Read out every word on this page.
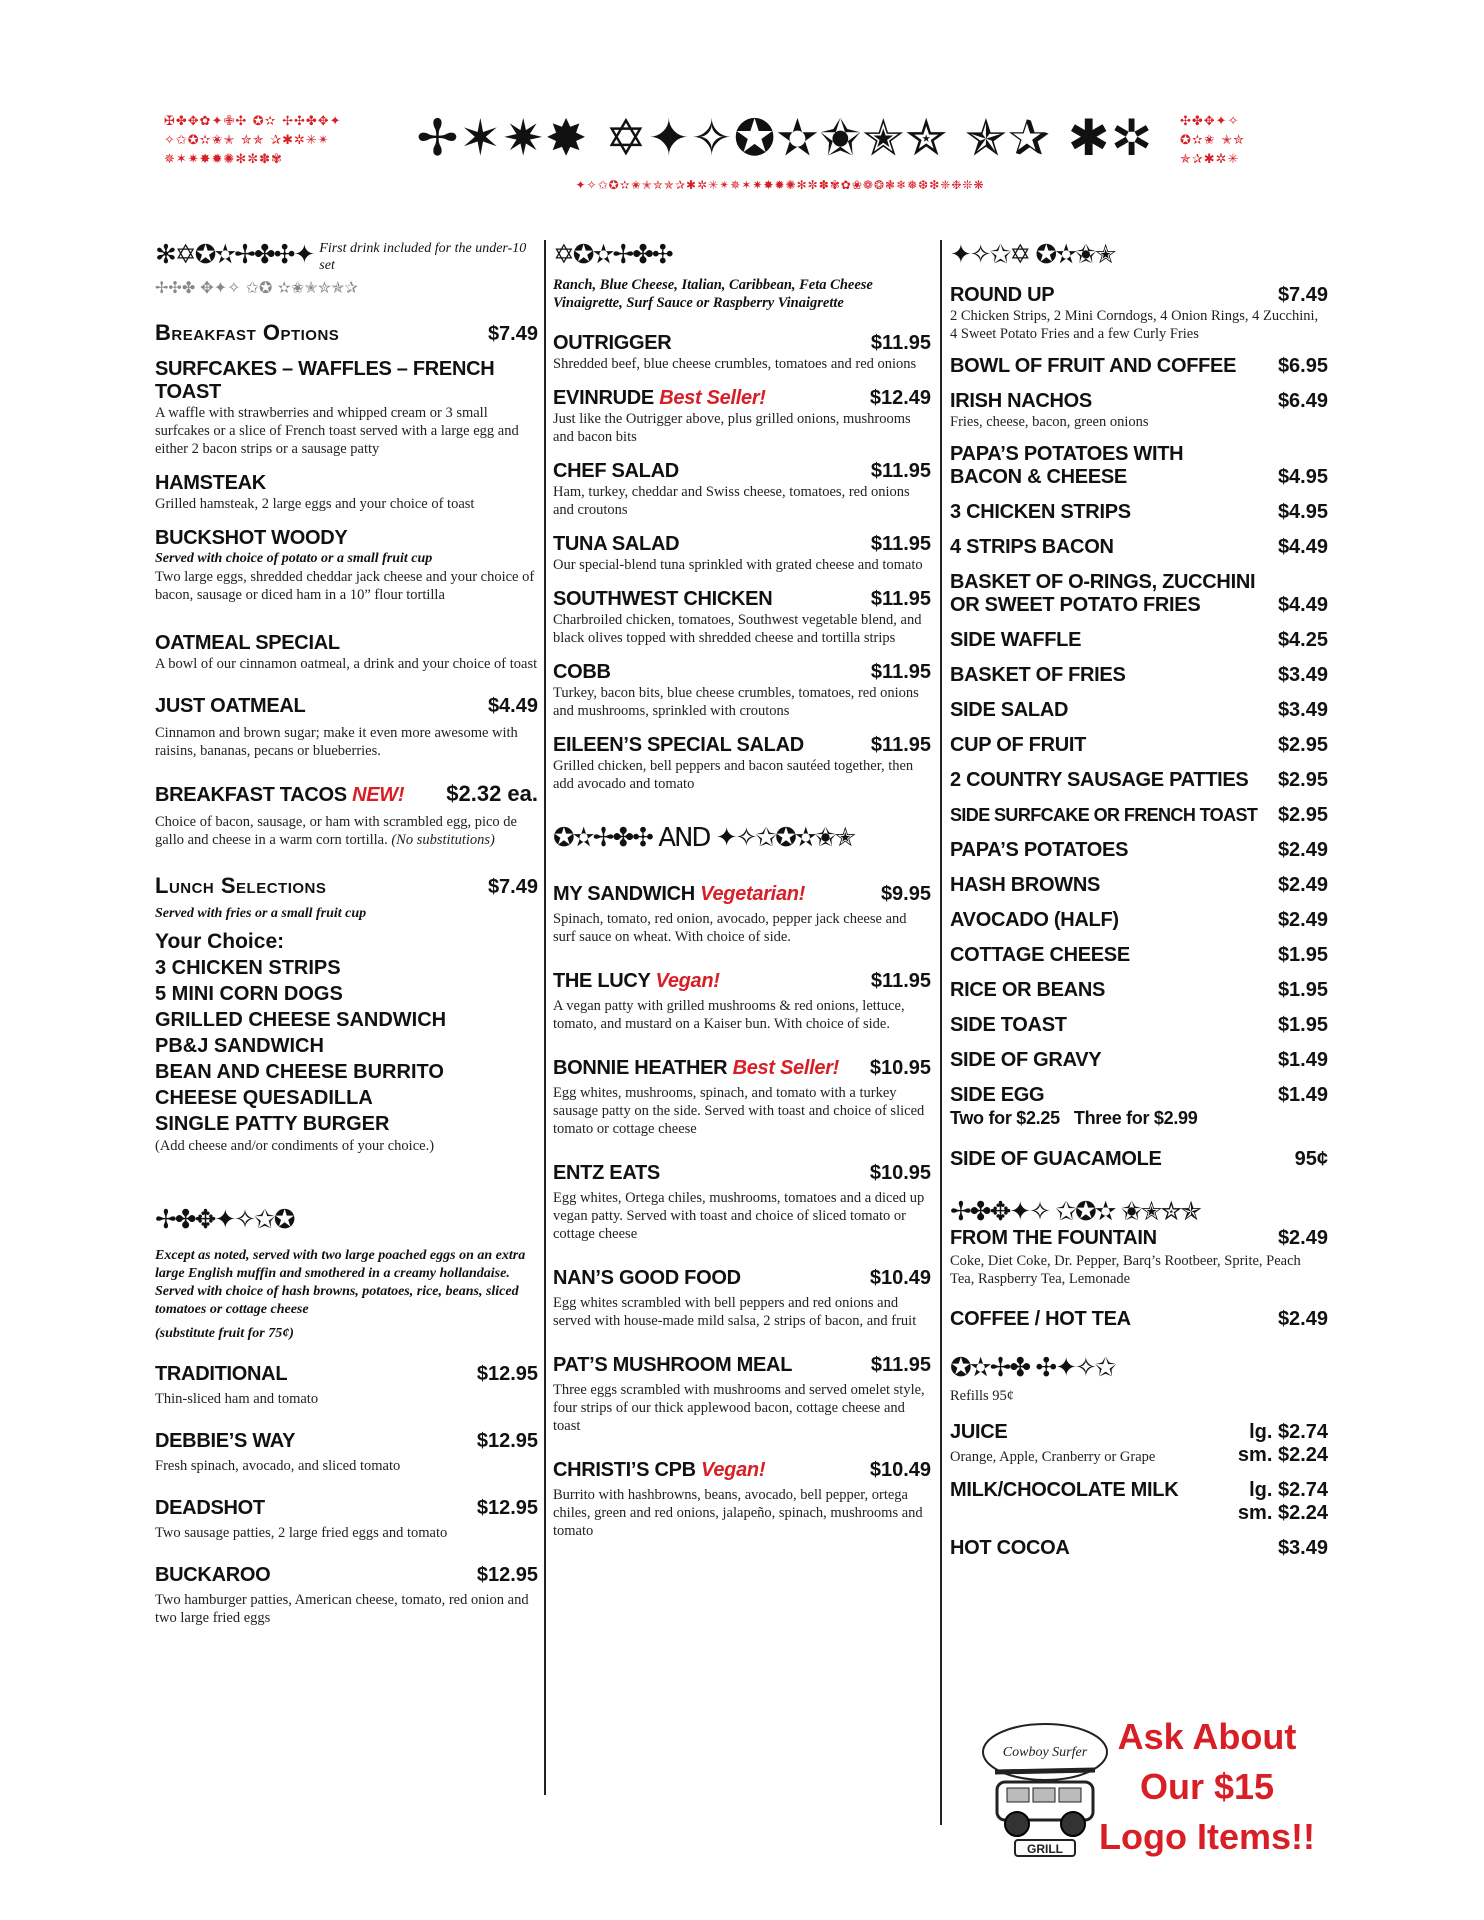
✠✤✥✿✦✙✣ ✪✫ ✢✣✤✥✦
✧✩✪✫✬✭ ✮✯ ✰✱✲✳✴
✵✶✷✸✹✺✻✼✽✾	✢✶✷✸ ✡✦✧✪✫✬✭✮ ✯✰ ✱✲
✦✧✩✪✫✬✭✮✯✰✱✲✳✴✵✶✷✸✹✺✻✼✽✾✿❀❁❂❃❄❅❆❇❈❉❊❋
✣✤✥✦✧
✪✫✬ ✭✮
✯✰✱✲✳
✻✡✪✫✢✤✣✦ First drink included for the under-10 set
✢✣✤ ✥✦✧ ✩✪ ✫✬✭✮✯✰
Breakfast Options	$7.49
SURFCAKES – WAFFLES – FRENCH TOAST
A waffle with strawberries and whipped cream or 3 small surfcakes or a slice of French toast served with a large egg and either 2 bacon strips or a sausage patty
HAMSTEAK
Grilled hamsteak, 2 large eggs and your choice of toast
BUCKSHOT WOODY
Served with choice of potato or a small fruit cup
Two large eggs, shredded cheddar jack cheese and your choice of bacon, sausage or diced ham in a 10” flour tortilla
OATMEAL SPECIAL
A bowl of our cinnamon oatmeal, a drink and your choice of toast
JUST OATMEAL	$4.49
Cinnamon and brown sugar; make it even more awesome with raisins, bananas, pecans or blueberries.
BREAKFAST TACOS NEW! $2.32 ea.
Choice of bacon, sausage, or ham with scrambled egg, pico de gallo and cheese in a warm corn tortilla. (No substitutions)
Lunch Selections	$7.49
Served with fries or a small fruit cup
Your Choice:
3 CHICKEN STRIPS
5 MINI CORN DOGS
GRILLED CHEESE SANDWICH
PB&J SANDWICH
BEAN AND CHEESE BURRITO
CHEESE QUESADILLA
SINGLE PATTY BURGER
(Add cheese and/or condiments of your choice.)
✢✤✥✦✧✩✪
Except as noted, served with two large poached eggs on an extra large English muffin and smothered in a creamy hollandaise. Served with choice of hash browns, potatoes, rice, beans, sliced tomatoes or cottage cheese
(substitute fruit for 75¢)
TRADITIONAL	$12.95
Thin-sliced ham and tomato
DEBBIE’S WAY	$12.95
Fresh spinach, avocado, and sliced tomato
DEADSHOT	$12.95
Two sausage patties, 2 large fried eggs and tomato
BUCKAROO	$12.95
Two hamburger patties, American cheese, tomato, red onion and two large fried eggs
✡✪✫✢✤✣
Ranch, Blue Cheese, Italian, Caribbean, Feta Cheese Vinaigrette, Surf Sauce or Raspberry Vinaigrette
OUTRIGGER	$11.95
Shredded beef, blue cheese crumbles, tomatoes and red onions
EVINRUDE Best Seller!	$12.49
Just like the Outrigger above, plus grilled onions, mushrooms and bacon bits
CHEF SALAD	$11.95
Ham, turkey, cheddar and Swiss cheese, tomatoes, red onions and croutons
TUNA SALAD	$11.95
Our special-blend tuna sprinkled with grated cheese and tomato
SOUTHWEST CHICKEN	$11.95
Charbroiled chicken, tomatoes, Southwest vegetable blend, and black olives topped with shredded cheese and tortilla strips
COBB	$11.95
Turkey, bacon bits, blue cheese crumbles, tomatoes, red onions and mushrooms, sprinkled with croutons
EILEEN’S SPECIAL SALAD	$11.95
Grilled chicken, bell peppers and bacon sautéed together, then add avocado and tomato
✪✫✢✤✣ AND ✦✧✩✪✫✬✭
MY SANDWICH Vegetarian!	$9.95
Spinach, tomato, red onion, avocado, pepper jack cheese and surf sauce on wheat. With choice of side.
THE LUCY Vegan!	$11.95
A vegan patty with grilled mushrooms & red onions, lettuce, tomato, and mustard on a Kaiser bun. With choice of side.
BONNIE HEATHER Best Seller! $10.95
Egg whites, mushrooms, spinach, and tomato with a turkey sausage patty on the side. Served with toast and choice of sliced tomato or cottage cheese
ENTZ EATS	$10.95
Egg whites, Ortega chiles, mushrooms, tomatoes and a diced up vegan patty. Served with toast and choice of sliced tomato or cottage cheese
NAN’S GOOD FOOD	$10.49
Egg whites scrambled with bell peppers and red onions and served with house-made mild salsa, 2 strips of bacon, and fruit
PAT’S MUSHROOM MEAL	$11.95
Three eggs scrambled with mushrooms and served omelet style, four strips of our thick applewood bacon, cottage cheese and toast
CHRISTI’S CPB Vegan!	$10.49
Burrito with hashbrowns, beans, avocado, bell pepper, ortega chiles, green and red onions, jalapeño, spinach, mushrooms and tomato
✦✧✩✡ ✪✫✬✭
ROUND UP	$7.49
2 Chicken Strips, 2 Mini Corndogs, 4 Onion Rings, 4 Zucchini, 4 Sweet Potato Fries and a few Curly Fries
BOWL OF FRUIT AND COFFEE $6.95
IRISH NACHOS	$6.49
Fries, cheese, bacon, green onions
PAPA’S POTATOES WITH BACON & CHEESE	$4.95
3 CHICKEN STRIPS	$4.95
4 STRIPS BACON	$4.49
BASKET OF O-RINGS, ZUCCHINI OR SWEET POTATO FRIES	$4.49
SIDE WAFFLE	$4.25
BASKET OF FRIES	$3.49
SIDE SALAD	$3.49
CUP OF FRUIT	$2.95
2 COUNTRY SAUSAGE PATTIES $2.95
SIDE SURFCAKE OR FRENCH TOAST $2.95
PAPA’S POTATOES	$2.49
HASH BROWNS	$2.49
AVOCADO (HALF)	$2.49
COTTAGE CHEESE	$1.95
RICE OR BEANS	$1.95
SIDE TOAST	$1.95
SIDE OF GRAVY	$1.49
SIDE EGG	$1.49
Two for $2.25   Three for $2.99
SIDE OF GUACAMOLE	95¢
✢✤✥✦✧ ✩✪✫ ✬✭✮✯
FROM THE FOUNTAIN	$2.49
Coke, Diet Coke, Dr. Pepper, Barq’s Rootbeer, Sprite, Peach Tea, Raspberry Tea, Lemonade
COFFEE / HOT TEA	$2.49
✪✫✢✤ ✣✦✧✩
Refills 95¢
JUICE
Orange, Apple, Cranberry or Grape
lg. $2.74
sm. $2.24
MILK/CHOCOLATE MILK	lg. $2.74
sm. $2.24
HOT COCOA	$3.49
Cowboy Surfer
GRILL
Ask About
Our $15
Logo Items!!
